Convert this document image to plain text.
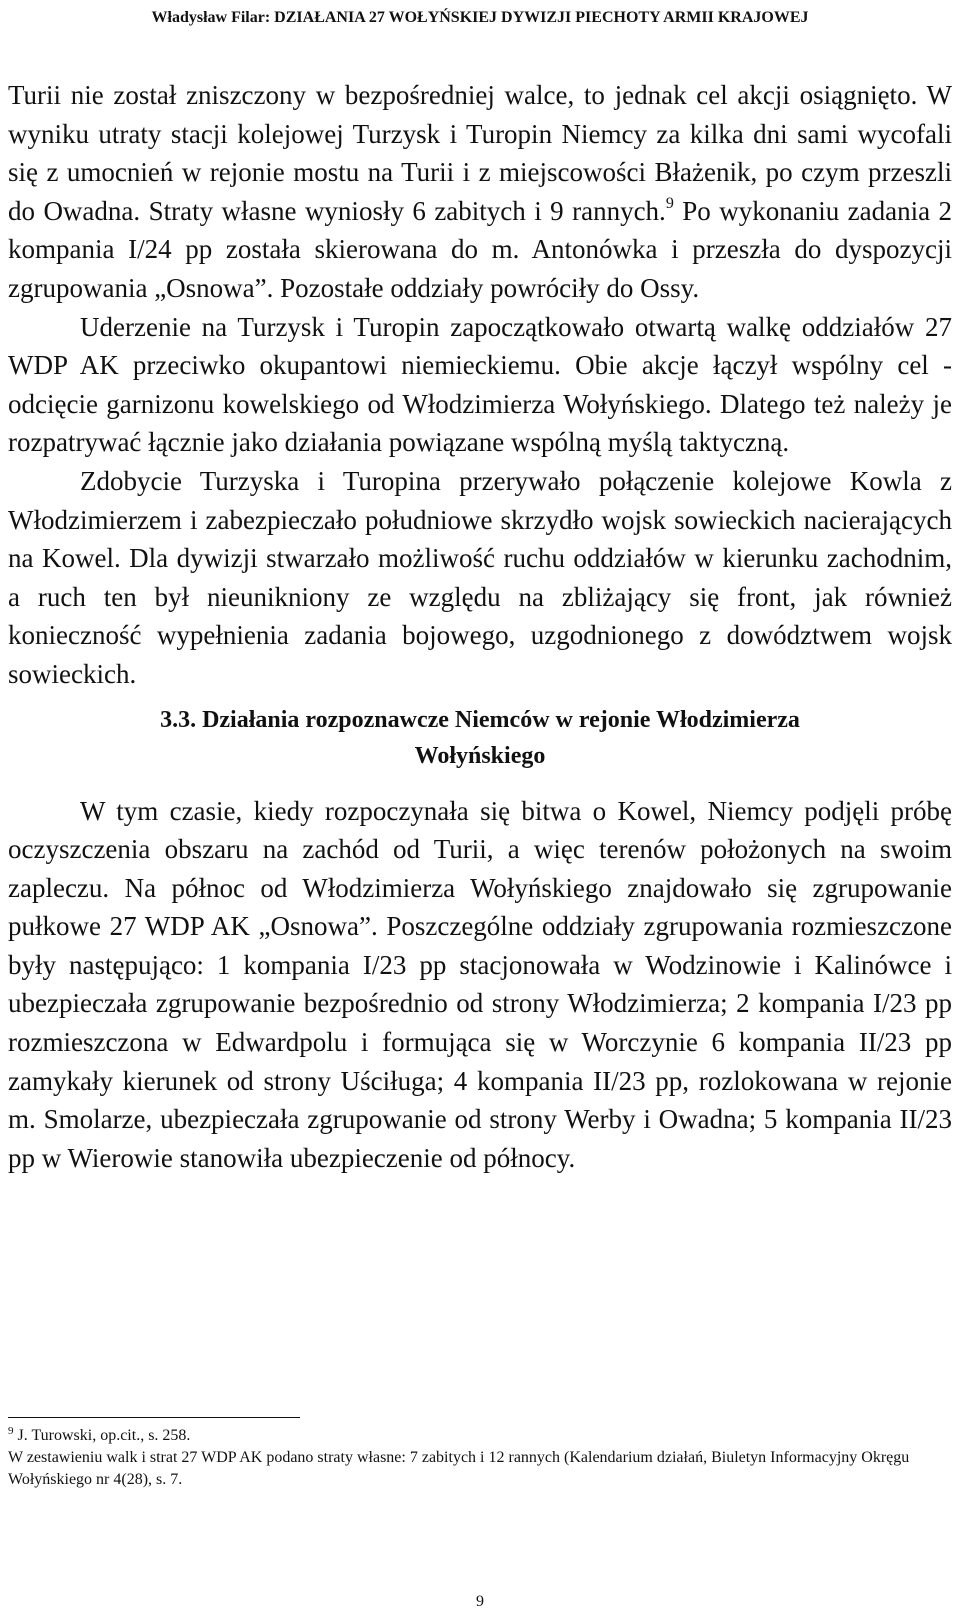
Władysław Filar: DZIAŁANIA 27 WOŁYŃSKIEJ DYWIZJI PIECHOTY ARMII KRAJOWEJ

Turii nie został zniszczony w bezpośredniej walce, to jednak cel akcji osiągnięto. W wyniku utraty stacji kolejowej Turzysk i Turopin Niemcy za kilka dni sami wycofali się z umocnień w rejonie mostu na Turii i z miejscowości Błażenik, po czym przeszli do Owadna. Straty własne wyniosły 6 zabitych i 9 rannych.$^9$ Po wykonaniu zadania 2 kompania I/24 pp została skierowana do m. Antonówka i przeszła do dyspozycji zgrupowania „Osnowa”. Pozostałe oddziały powróciły do Ossy.

Uderzenie na Turzysk i Turopin zapoczątkowało otwartą walkę oddziałów 27 WDP AK przeciwko okupantowi niemieckiemu. Obie akcje łączył wspólny cel - odcięcie garnizonu kowelskiego od Włodzimierza Wołyńskiego. Dlatego też należy je rozpatrywać łącznie jako działania powiązane wspólną myślą taktyczną.

Zdobycie Turzyska i Turopina przerywało połączenie kolejowe Kowla z Włodzimierzem i zabezpieczało południowe skrzydło wojsk sowieckich nacierających na Kowel. Dla dywizji stwarzało możliwość ruchu oddziałów w kierunku zachodnim, a ruch ten był nieunikniony ze względu na zbliżający się front, jak również konieczność wypełnienia zadania bojowego, uzgodnionego z dowództwem wojsk sowieckich.

3.3. Działania rozpoznawcze Niemców w rejonie Włodzimierza
Wołyńskiego

W tym czasie, kiedy rozpoczynała się bitwa o Kowel, Niemcy podjęli próbę oczyszczenia obszaru na zachód od Turii, a więc terenów położonych na swoim zapleczu. Na północ od Włodzimierza Wołyńskiego znajdowało się zgrupowanie pułkowe 27 WDP AK „Osnowa”. Poszczególne oddziały zgrupowania rozmieszczone były następująco: 1 kompania I/23 pp stacjonowała w Wodzinowie i Kalinówce i ubezpieczała zgrupowanie bezpośrednio od strony Włodzimierza; 2 kompania I/23 pp rozmieszczona w Edwardpolu i formująca się w Worczynie 6 kompania II/23 pp zamykały kierunek od strony Uściługa; 4 kompania II/23 pp, rozlokowana w rejonie m. Smolarze, ubezpieczała zgrupowanie od strony Werby i Owadna; 5 kompania II/23 pp w Wierowie stanowiła ubezpieczenie od północy.

$^9$ J. Turowski, op.cit., s. 258.

W zestawieniu walk i strat 27 WDP AK podano straty własne: 7 zabitych i 12 rannych (Kalendarium działań, Biuletyn Informacyjny Okręgu Wołyńskiego nr 4(28), s. 7.

9
